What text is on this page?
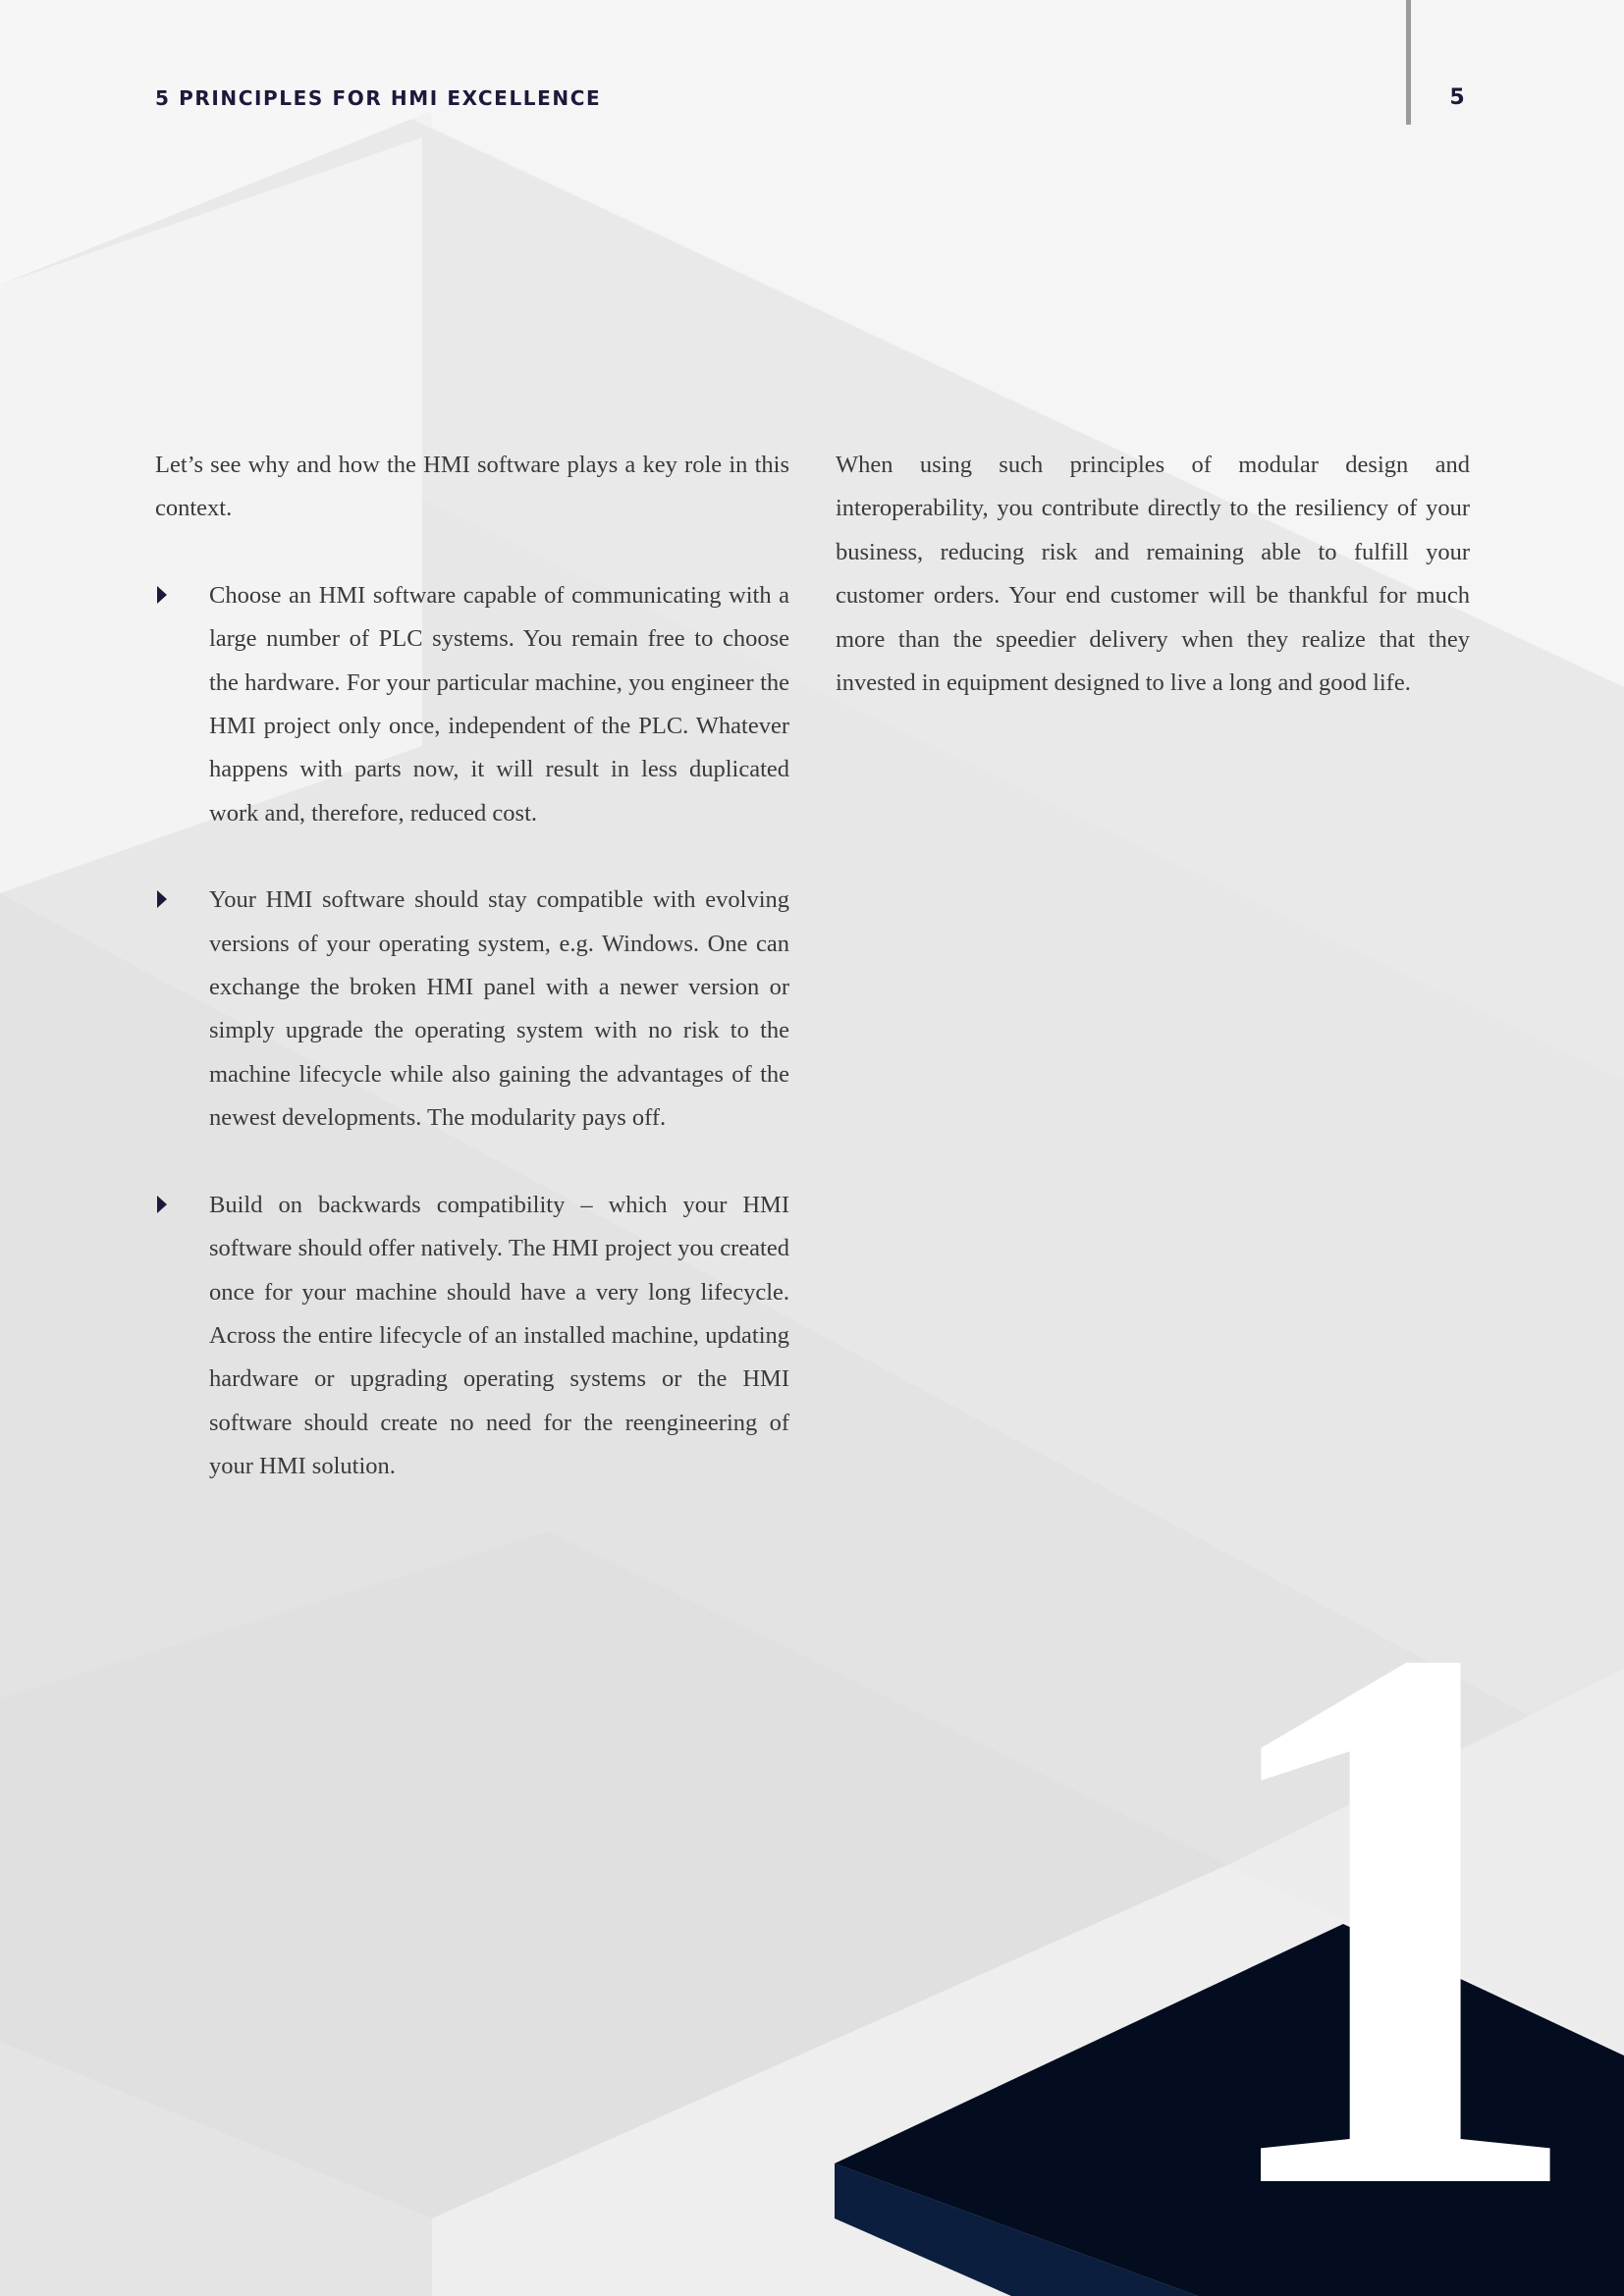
1
5 PRINCIPLES FOR HMI EXCELLENCE	5

Let’s see why and how the HMI software plays a key role in this context.

Choose an HMI software capable of communicating with a large number of PLC systems. You remain free to choose the hardware. For your particular machine, you engineer the HMI project only once, independent of the PLC. Whatever happens with parts now, it will result in less duplicated work and, therefore, reduced cost.
Your HMI software should stay compatible with evolving versions of your operating system, e.g. Windows. One can exchange the broken HMI panel with a newer version or simply upgrade the operating system with no risk to the machine lifecycle while also gaining the advantages of the newest developments. The modularity pays off.
Build on backwards compatibility – which your HMI software should offer natively. The HMI project you created once for your machine should have a very long lifecycle. Across the entire lifecycle of an installed machine, updating hardware or upgrading operating systems or the HMI software should create no need for the reengineering of your HMI solution.

When using such principles of modular design and interoperability, you contribute directly to the resiliency of your business, reducing risk and remaining able to fulfill your customer orders. Your end customer will be thankful for much more than the speedier delivery when they realize that they invested in equipment designed to live a long and good life.
